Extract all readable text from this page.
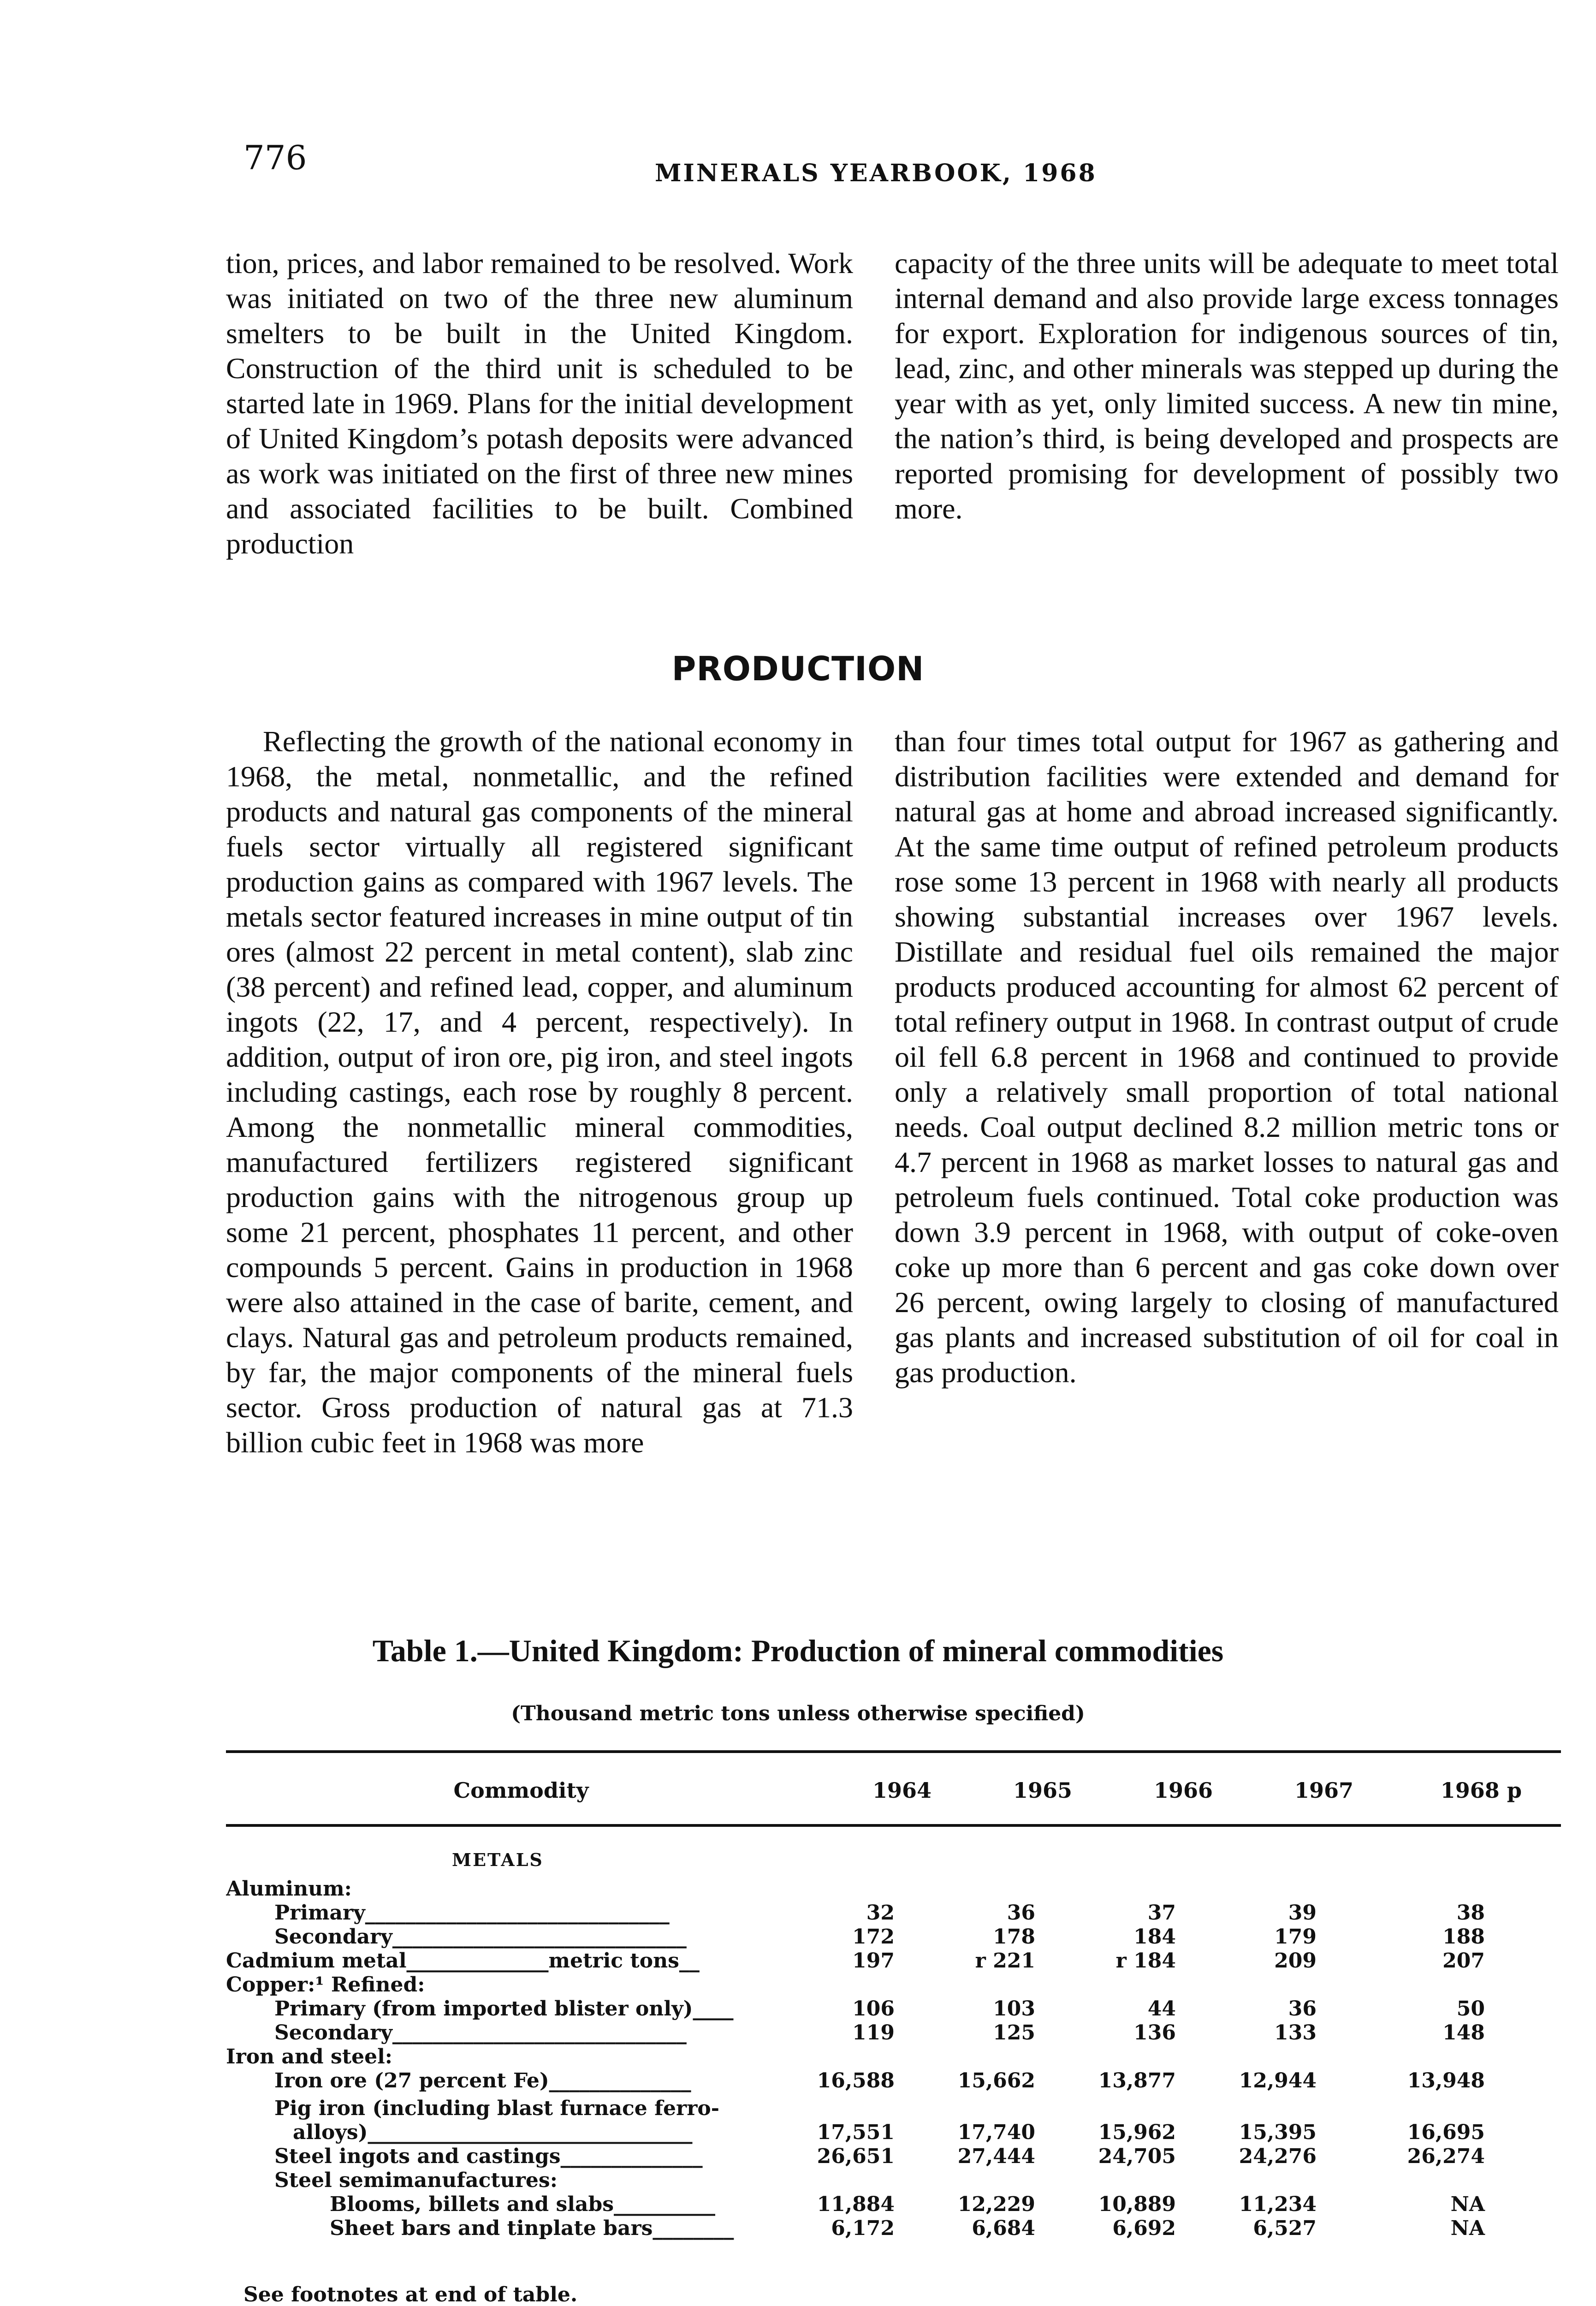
776	MINERALS YEARBOOK, 1968

tion, prices, and labor remained to be resolved. Work was initiated on two of the three new aluminum smelters to be built in the United Kingdom. Construction of the third unit is scheduled to be started late in 1969. Plans for the initial development of United Kingdom’s potash deposits were advanced as work was initiated on the first of three new mines and associated facilities to be built. Combined production

capacity of the three units will be adequate to meet total internal demand and also provide large excess tonnages for export. Exploration for indigenous sources of tin, lead, zinc, and other minerals was stepped up during the year with as yet, only limited success. A new tin mine, the nation’s third, is being developed and prospects are reported promising for development of possibly two more.

PRODUCTION

Reflecting the growth of the national economy in 1968, the metal, nonmetallic, and the refined products and natural gas components of the mineral fuels sector virtually all registered significant production gains as compared with 1967 levels. The metals sector featured increases in mine output of tin ores (almost 22 percent in metal content), slab zinc (38 percent) and refined lead, copper, and aluminum ingots (22, 17, and 4 percent, respectively). In addition, output of iron ore, pig iron, and steel ingots including castings, each rose by roughly 8 percent. Among the nonmetallic mineral commodities, manufactured fertilizers registered significant production gains with the nitrogenous group up some 21 percent, phosphates 11 percent, and other compounds 5 percent. Gains in production in 1968 were also attained in the case of barite, cement, and clays. Natural gas and petroleum products remained, by far, the major components of the mineral fuels sector. Gross production of natural gas at 71.3 billion cubic feet in 1968 was more

than four times total output for 1967 as gathering and distribution facilities were extended and demand for natural gas at home and abroad increased significantly. At the same time output of refined petroleum products rose some 13 percent in 1968 with nearly all products showing substantial increases over 1967 levels. Distillate and residual fuel oils remained the major products produced accounting for almost 62 percent of total refinery output in 1968. In contrast output of crude oil fell 6.8 percent in 1968 and continued to provide only a relatively small proportion of total national needs. Coal output declined 8.2 million metric tons or 4.7 percent in 1968 as market losses to natural gas and petroleum fuels continued. Total coke production was down 3.9 percent in 1968, with output of coke-oven coke up more than 6 percent and gas coke down over 26 percent, owing largely to closing of manufactured gas plants and increased substitution of oil for coal in gas production.

Table 1.—United Kingdom: Production of mineral commodities
(Thousand metric tons unless otherwise specified)
Commodity	1964	1965	1966	1967	1968 p
METALS
Aluminum:
Primary______________________________	32	36	37	39	38
Secondary_____________________________	172	178	184	179	188
Cadmium metal______________metric tons__	197	r 221	r 184	209	207
Copper:¹ Refined:
Primary (from imported blister only)____	106	103	44	36	50
Secondary_____________________________	119	125	136	133	148
Iron and steel:
Iron ore (27 percent Fe)______________	16,588	15,662	13,877	12,944	13,948
Pig iron (including blast furnace ferro-
alloys)________________________________	17,551	17,740	15,962	15,395	16,695
Steel ingots and castings______________	26,651	27,444	24,705	24,276	26,274
Steel semimanufactures:
Blooms, billets and slabs__________	11,884	12,229	10,889	11,234	NA
Sheet bars and tinplate bars________	6,172	6,684	6,692	6,527	NA
See footnotes at end of table.
